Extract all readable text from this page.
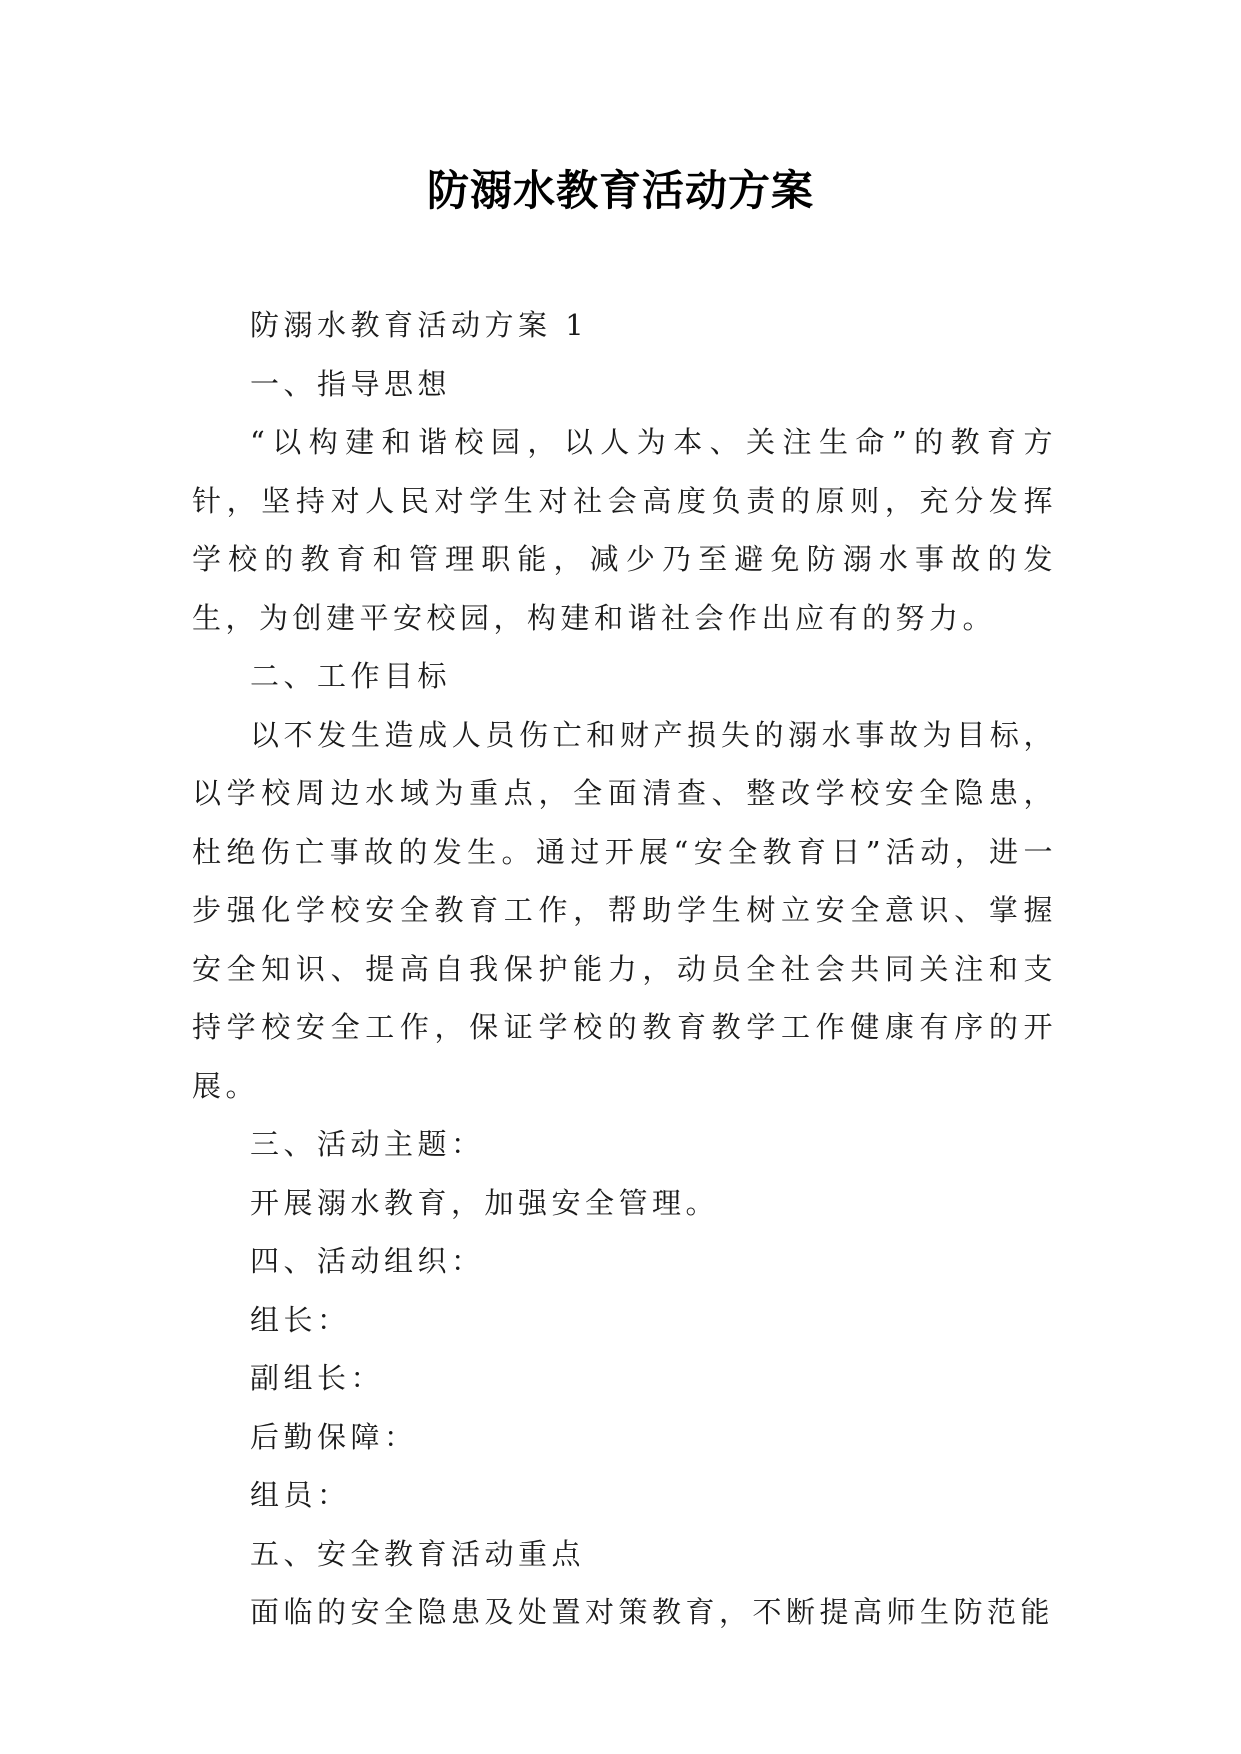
防溺水教育活动方案

防溺水教育活动方案 1

一、指导思想

“以构建和谐校园，以人为本、关注生命”的教育方针，坚持对人民对学生对社会高度负责的原则，充分发挥学校的教育和管理职能，减少乃至避免防溺水事故的发生，为创建平安校园，构建和谐社会作出应有的努力。

二、工作目标

以不发生造成人员伤亡和财产损失的溺水事故为目标，以学校周边水域为重点，全面清查、整改学校安全隐患，杜绝伤亡事故的发生。通过开展“安全教育日”活动，进一步强化学校安全教育工作，帮助学生树立安全意识、掌握安全知识、提高自我保护能力，动员全社会共同关注和支持学校安全工作，保证学校的教育教学工作健康有序的开展。

三、活动主题：

开展溺水教育，加强安全管理。

四、活动组织：

组长：

副组长：

后勤保障：

组员：

五、安全教育活动重点

面临的安全隐患及处置对策教育，不断提高师生防范能
